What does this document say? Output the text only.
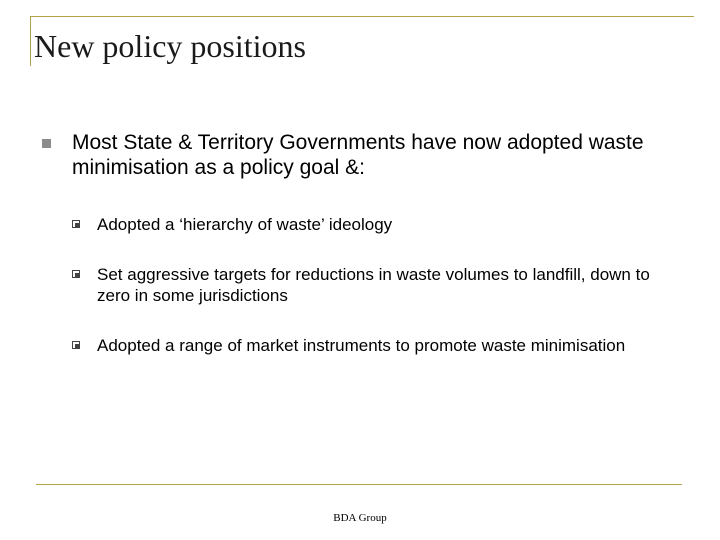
New policy positions
Most State & Territory Governments have now adopted waste minimisation as a policy goal &:
Adopted a ‘hierarchy of waste’ ideology
Set aggressive targets for reductions in waste volumes to landfill, down to zero in some jurisdictions
Adopted a range of market instruments to promote waste minimisation
BDA Group
